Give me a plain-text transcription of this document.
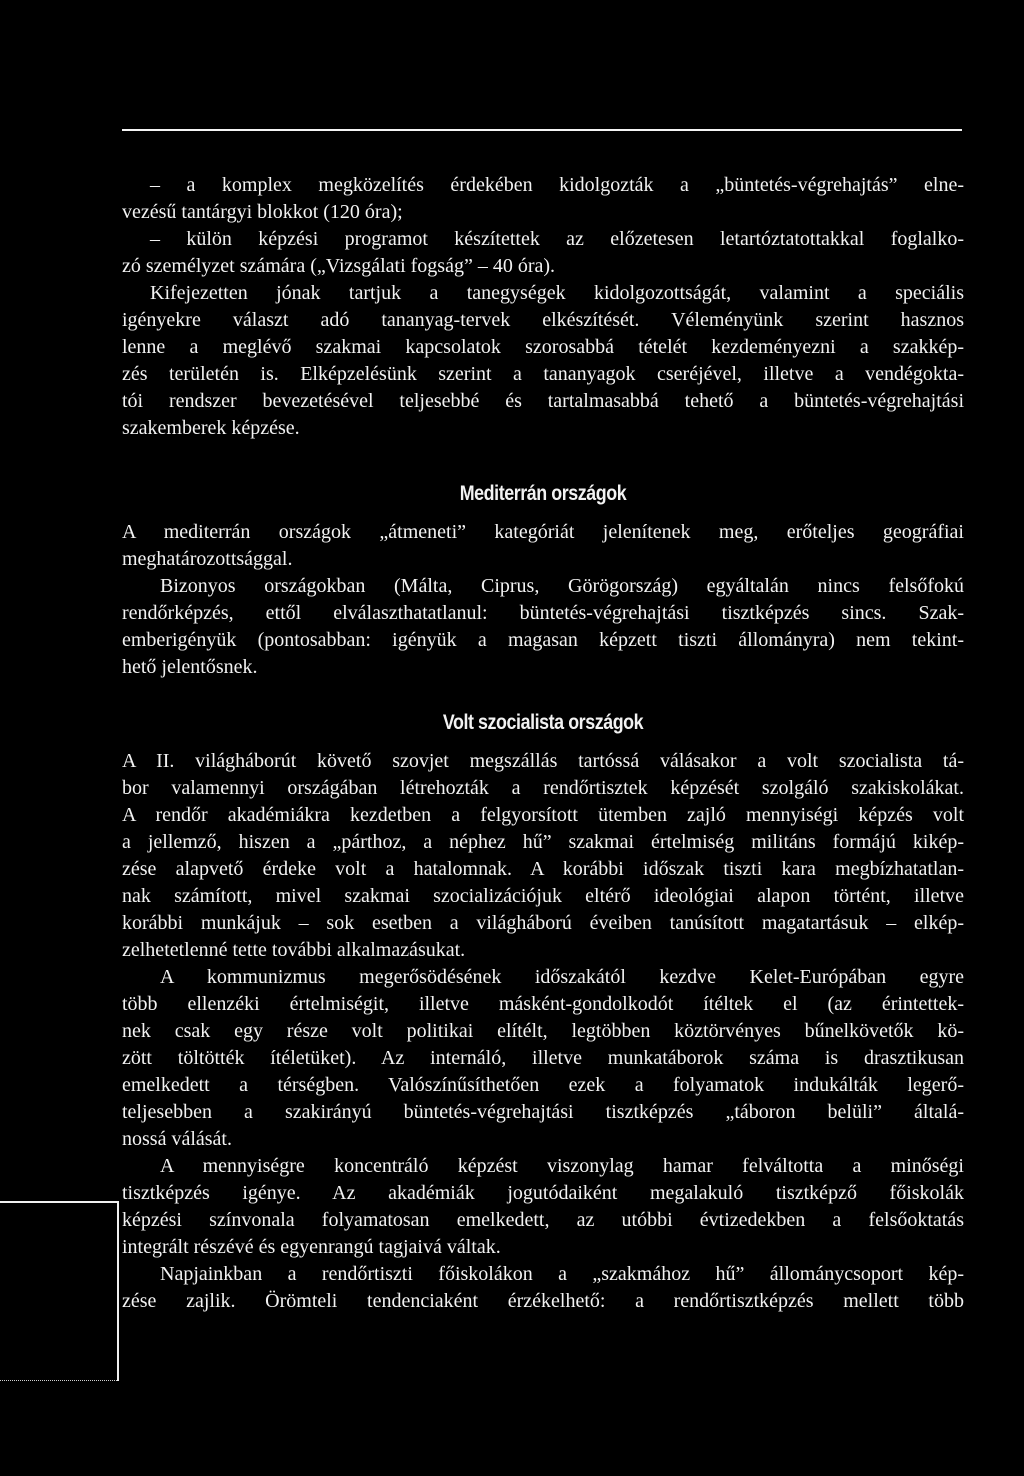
– a komplex megközelítés érdekében kidolgozták a „büntetés-végrehajtás” elne-
vezésű tantárgyi blokkot (120 óra);
– külön képzési programot készítettek az előzetesen letartóztatottakkal foglalko-
zó személyzet számára („Vizsgálati fogság” – 40 óra).
Kifejezetten jónak tartjuk a tanegységek kidolgozottságát, valamint a speciális
igényekre választ adó tananyag-tervek elkészítését. Véleményünk szerint hasznos
lenne a meglévő szakmai kapcsolatok szorosabbá tételét kezdeményezni a szakkép-
zés területén is. Elképzelésünk szerint a tananyagok cseréjével, illetve a vendégokta-
tói rendszer bevezetésével teljesebbé és tartalmasabbá tehető a büntetés-végrehajtási
szakemberek képzése.
Mediterrán országok
A mediterrán országok „átmeneti” kategóriát jelenítenek meg, erőteljes geográfiai
meghatározottsággal.
Bizonyos országokban (Málta, Ciprus, Görögország) egyáltalán nincs felsőfokú
rendőrképzés, ettől elválaszthatatlanul: büntetés-végrehajtási tisztképzés sincs. Szak-
emberigényük (pontosabban: igényük a magasan képzett tiszti állományra) nem tekint-
hető jelentősnek.
Volt szocialista országok
A II. világháborút követő szovjet megszállás tartóssá válásakor a volt szocialista tá-
bor valamennyi országában létrehozták a rendőrtisztek képzését szolgáló szakiskolákat.
A rendőr akadémiákra kezdetben a felgyorsított ütemben zajló mennyiségi képzés volt
a jellemző, hiszen a „párthoz, a néphez hű” szakmai értelmiség militáns formájú kikép-
zése alapvető érdeke volt a hatalomnak. A korábbi időszak tiszti kara megbízhatatlan-
nak számított, mivel szakmai szocializációjuk eltérő ideológiai alapon történt, illetve
korábbi munkájuk – sok esetben a világháború éveiben tanúsított magatartásuk – elkép-
zelhetetlenné tette további alkalmazásukat.
A kommunizmus megerősödésének időszakától kezdve Kelet-Európában egyre
több ellenzéki értelmiségit, illetve másként-gondolkodót ítéltek el (az érintettek-
nek csak egy része volt politikai elítélt, legtöbben köztörvényes bűnelkövetők kö-
zött töltötték ítéletüket). Az internáló, illetve munkatáborok száma is drasztikusan
emelkedett a térségben. Valószínűsíthetően ezek a folyamatok indukálták legerő-
teljesebben a szakirányú büntetés-végrehajtási tisztképzés „táboron belüli” általá-
nossá válását.
A mennyiségre koncentráló képzést viszonylag hamar felváltotta a minőségi
tisztképzés igénye. Az akadémiák jogutódaiként megalakuló tisztképző főiskolák
képzési színvonala folyamatosan emelkedett, az utóbbi évtizedekben a felsőoktatás
integrált részévé és egyenrangú tagjaivá váltak.
Napjainkban a rendőrtiszti főiskolákon a „szakmához hű” állománycsoport kép-
zése zajlik. Örömteli tendenciaként érzékelhető: a rendőrtisztképzés mellett több
